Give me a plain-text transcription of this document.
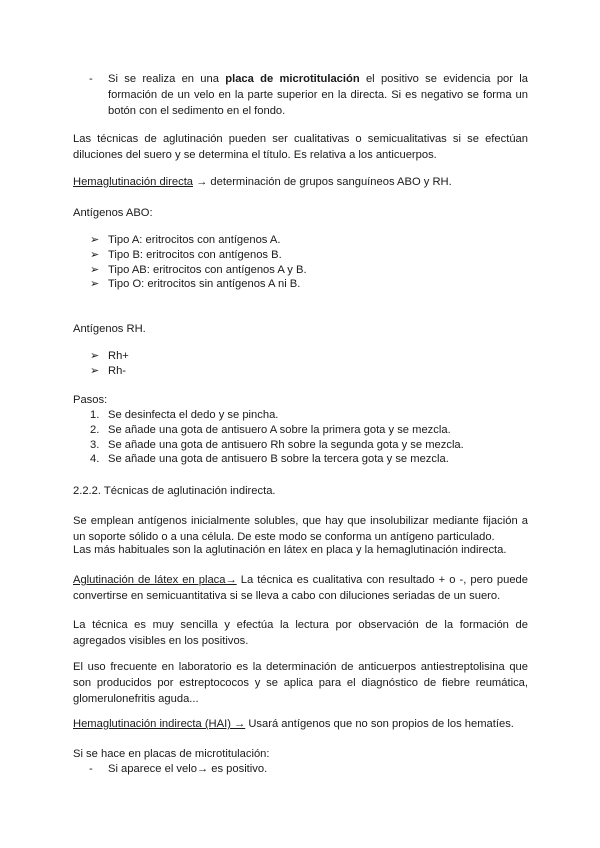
- Si se realiza en una placa de microtitulación el positivo se evidencia por la formación de un velo en la parte superior en la directa. Si es negativo se forma un botón con el sedimento en el fondo.

Las técnicas de aglutinación pueden ser cualitativas o semicualitativas si se efectúan diluciones del suero y se determina el título. Es relativa a los anticuerpos.

Hemaglutinación directa → determinación de grupos sanguíneos ABO y RH.

Antígenos ABO:

➢ Tipo A: eritrocitos con antígenos A.
➢ Tipo B: eritrocitos con antígenos B.
➢ Tipo AB: eritrocitos con antígenos A y B.
➢ Tipo O: eritrocitos sin antígenos A ni B.

Antígenos RH.

➢ Rh+
➢ Rh-

Pasos:

1. Se desinfecta el dedo y se pincha.
2. Se añade una gota de antisuero A sobre la primera gota y se mezcla.
3. Se añade una gota de antisuero Rh sobre la segunda gota y se mezcla.
4. Se añade una gota de antisuero B sobre la tercera gota y se mezcla.

2.2.2. Técnicas de aglutinación indirecta.

Se emplean antígenos inicialmente solubles, que hay que insolubilizar mediante fijación a un soporte sólido o a una célula. De este modo se conforma un antígeno particulado.

Las más habituales son la aglutinación en látex en placa y la hemaglutinación indirecta.

Aglutinación de látex en placa→ La técnica es cualitativa con resultado + o -, pero puede convertirse en semicuantitativa si se lleva a cabo con diluciones seriadas de un suero.

La técnica es muy sencilla y efectúa la lectura por observación de la formación de agregados visibles en los positivos.

El uso frecuente en laboratorio es la determinación de anticuerpos antiestreptolisina que son producidos por estreptococos y se aplica para el diagnóstico de fiebre reumática, glomerulonefritis aguda...

Hemaglutinación indirecta (HAI) → Usará antígenos que no son propios de los hematíes.

Si se hace en placas de microtitulación:

- Si aparece el velo→ es positivo.
